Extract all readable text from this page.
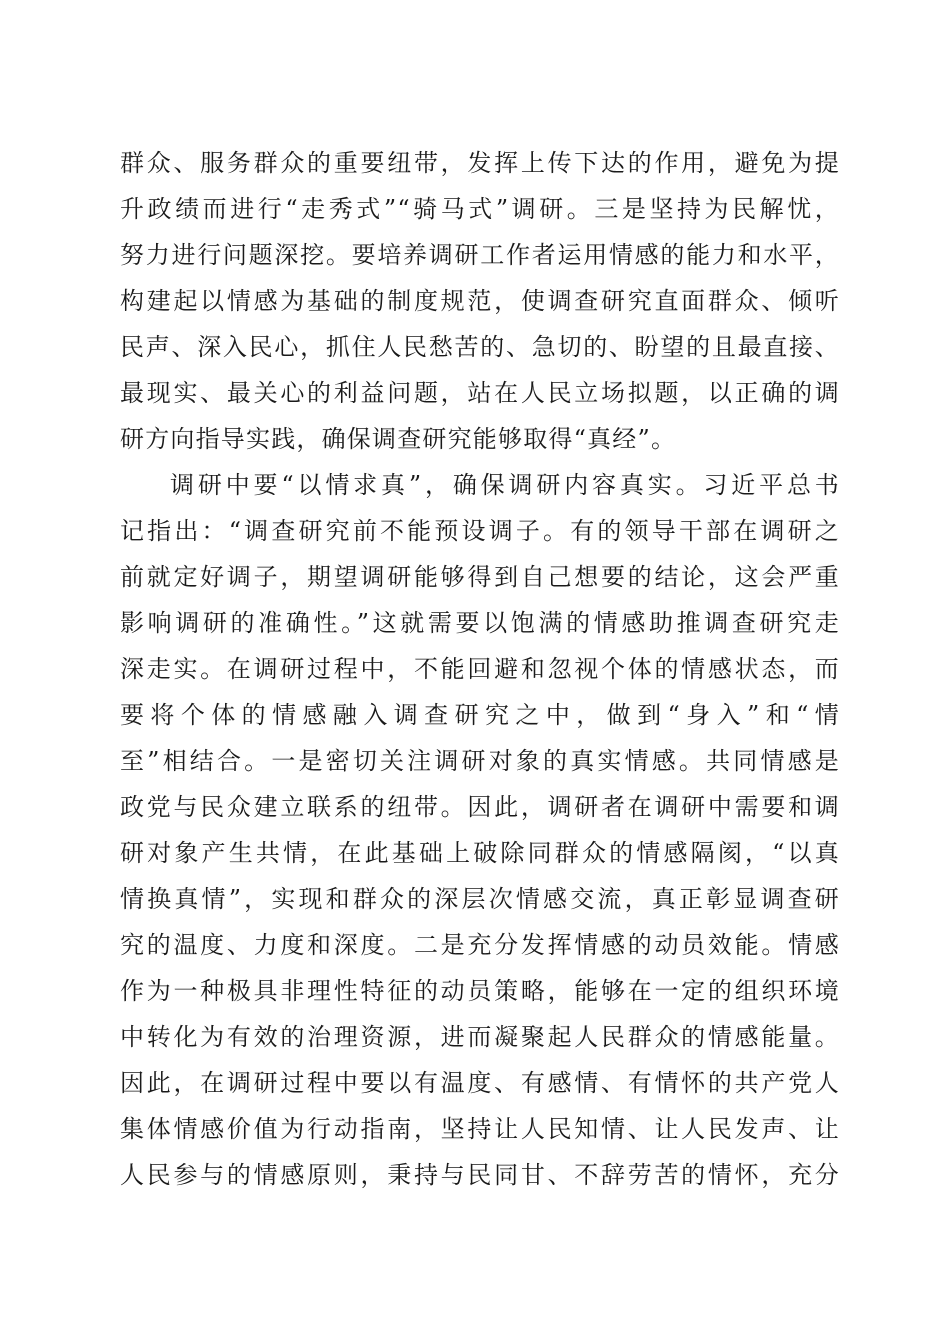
群众、服务群众的重要纽带，发挥上传下达的作用，避免为提
升政绩而进行“走秀式”“骑马式”调研。三是坚持为民解忧，
努力进行问题深挖。要培养调研工作者运用情感的能力和水平，
构建起以情感为基础的制度规范，使调查研究直面群众、倾听
民声、深入民心，抓住人民愁苦的、急切的、盼望的且最直接、
最现实、最关心的利益问题，站在人民立场拟题，以正确的调
研方向指导实践，确保调查研究能够取得“真经”。
调研中要“以情求真”，确保调研内容真实。习近平总书
记指出：“调查研究前不能预设调子。有的领导干部在调研之
前就定好调子，期望调研能够得到自己想要的结论，这会严重
影响调研的准确性。”这就需要以饱满的情感助推调查研究走
深走实。在调研过程中，不能回避和忽视个体的情感状态，而
要将个体的情感融入调查研究之中，做到“身入”和“情
至”相结合。一是密切关注调研对象的真实情感。共同情感是
政党与民众建立联系的纽带。因此，调研者在调研中需要和调
研对象产生共情，在此基础上破除同群众的情感隔阂，“以真
情换真情”，实现和群众的深层次情感交流，真正彰显调查研
究的温度、力度和深度。二是充分发挥情感的动员效能。情感
作为一种极具非理性特征的动员策略，能够在一定的组织环境
中转化为有效的治理资源，进而凝聚起人民群众的情感能量。
因此，在调研过程中要以有温度、有感情、有情怀的共产党人
集体情感价值为行动指南，坚持让人民知情、让人民发声、让
人民参与的情感原则，秉持与民同甘、不辞劳苦的情怀，充分
